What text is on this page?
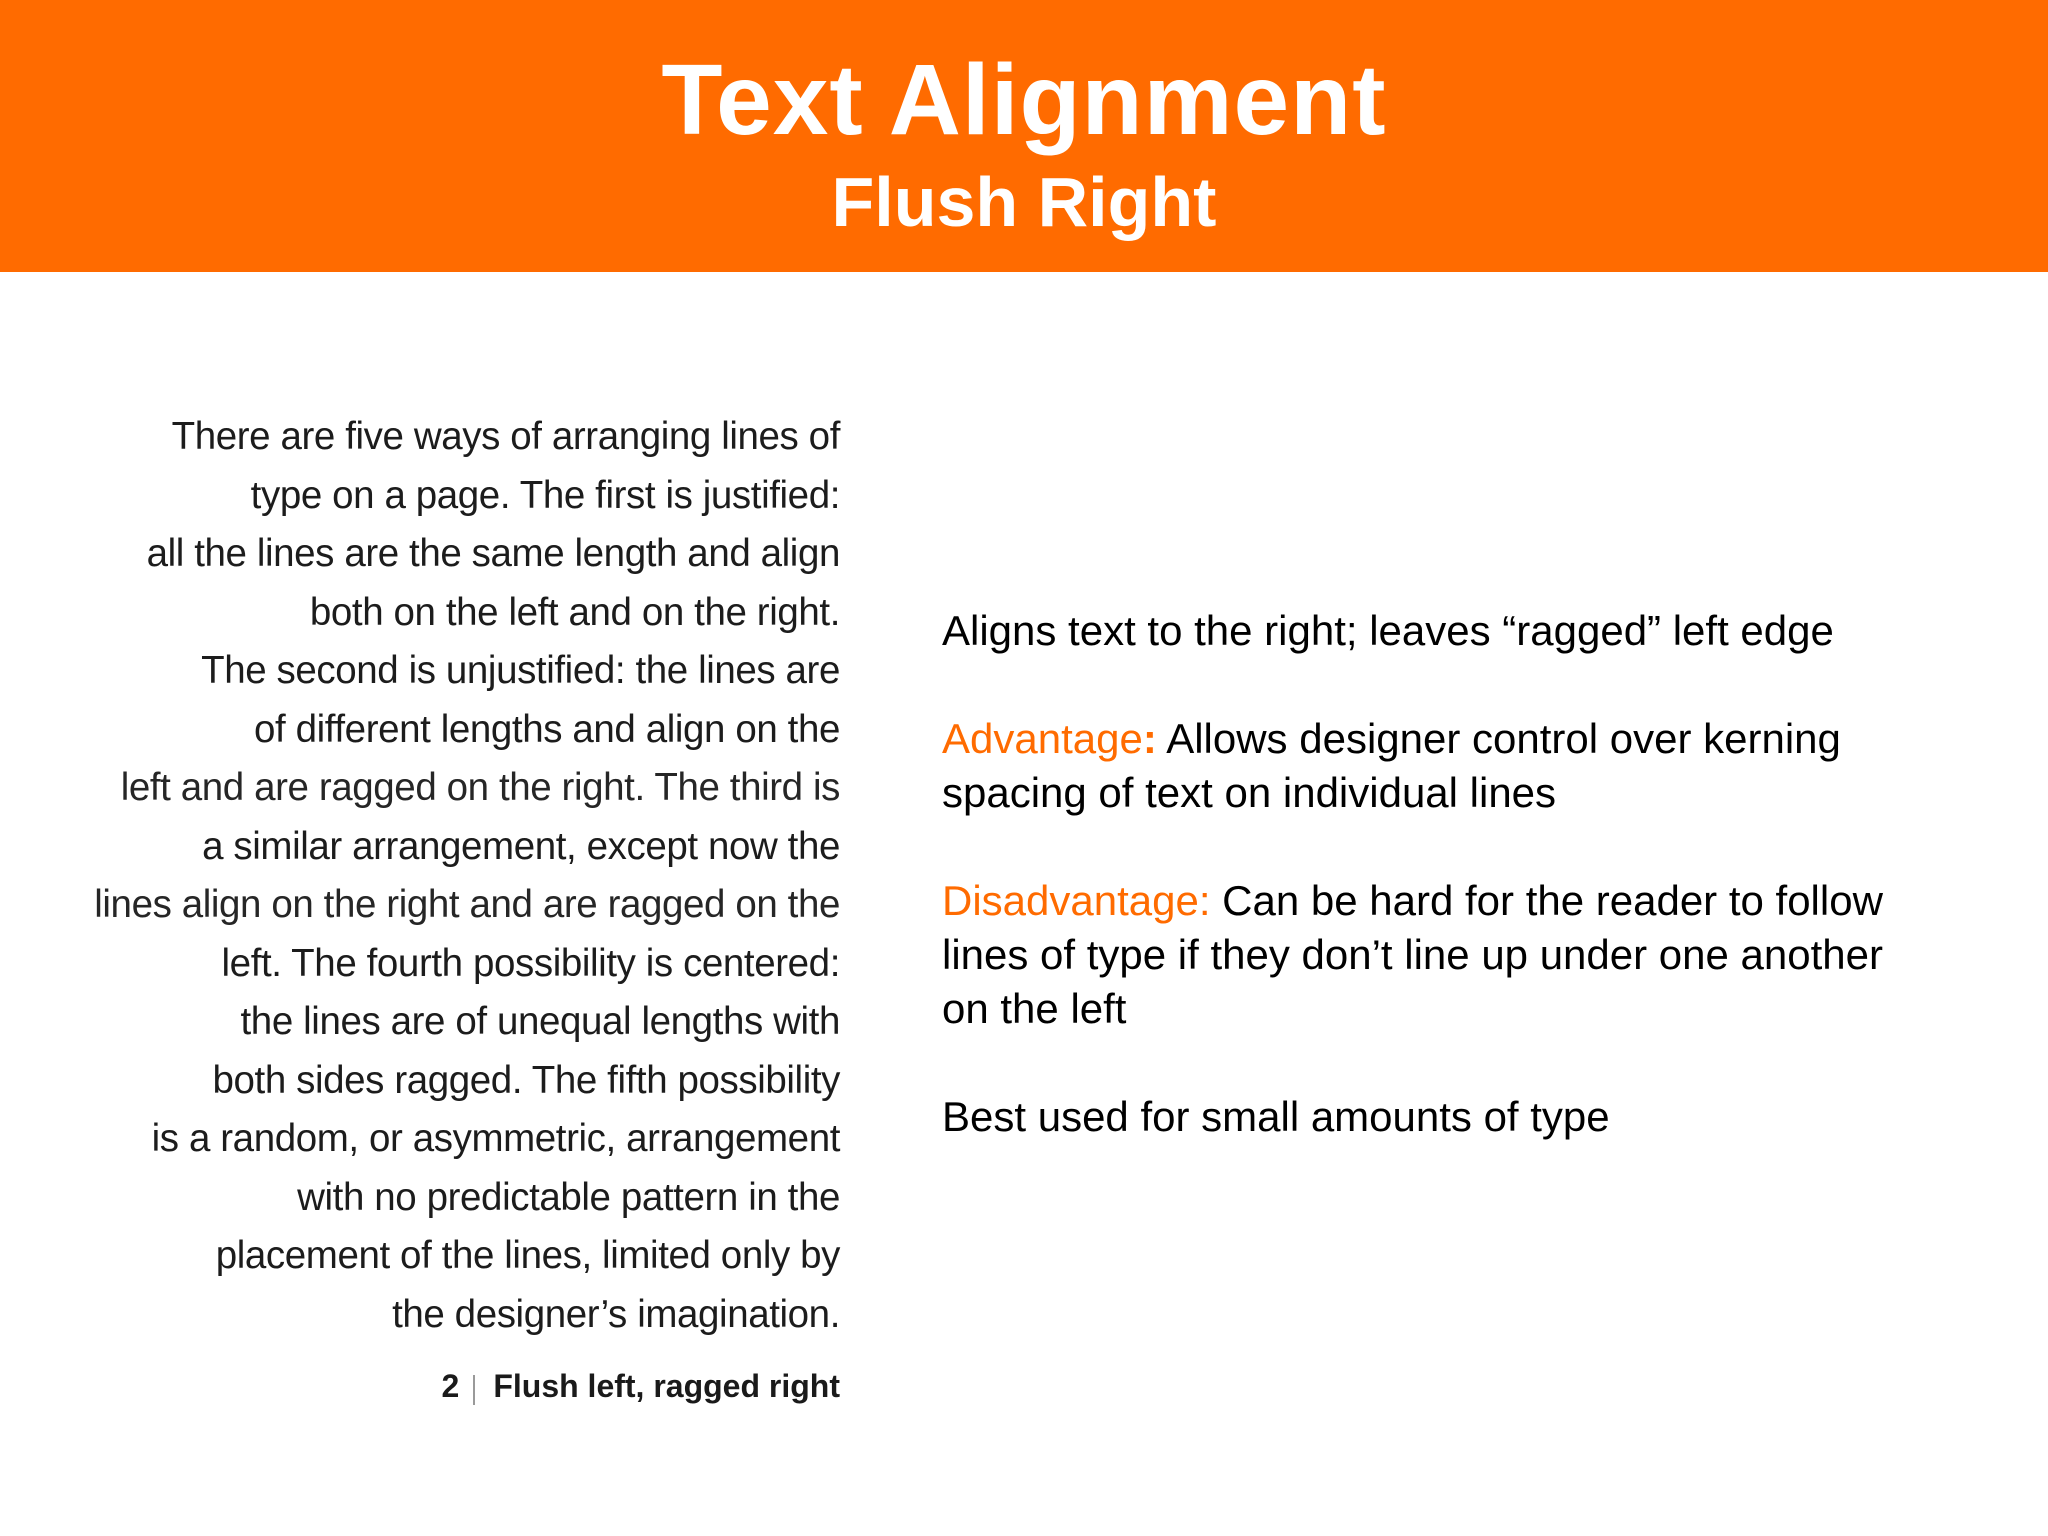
Text Alignment
Flush Right
There are five ways of arranging lines of
type on a page. The first is justified:
all the lines are the same length and align
both on the left and on the right.
The second is unjustified: the lines are
of different lengths and align on the
left and are ragged on the right. The third is
a similar arrangement, except now the
lines align on the right and are ragged on the
left. The fourth possibility is centered:
the lines are of unequal lengths with
both sides ragged. The fifth possibility
is a random, or asymmetric, arrangement
with no predictable pattern in the
placement of the lines, limited only by
the designer’s imagination.
2 Flush left, ragged right

Aligns text to the right; leaves “ragged” left edge

Advantage: Allows designer control over kerning

spacing of text on individual lines

Disadvantage: Can be hard for the reader to follow

lines of type if they don’t line up under one another

on the left

Best used for small amounts of type
